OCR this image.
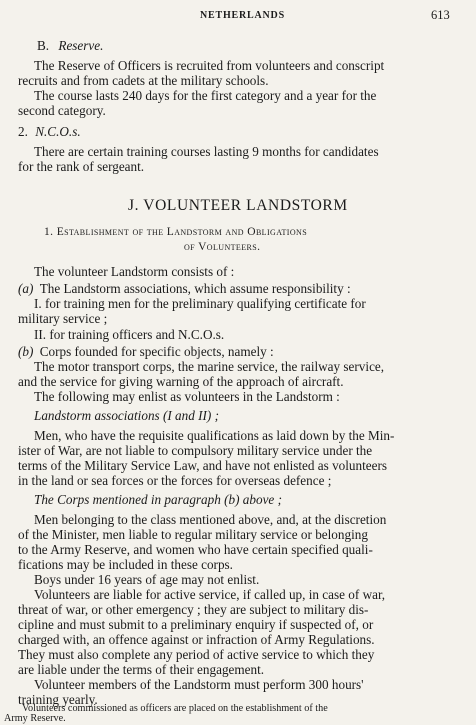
NETHERLANDS	613
B. Reserve.
The Reserve of Officers is recruited from volunteers and conscript
recruits and from cadets at the military schools.
The course lasts 240 days for the first category and a year for the
second category.
2. N.C.O.s.
There are certain training courses lasting 9 months for candidates
for the rank of sergeant.
J. VOLUNTEER LANDSTORM
1. Establishment of the Landstorm and Obligations
of Volunteers.
The volunteer Landstorm consists of :
(a) The Landstorm associations, which assume responsibility :
I. for training men for the preliminary qualifying certificate for
military service ;
II. for training officers and N.C.O.s.
(b) Corps founded for specific objects, namely :
The motor transport corps, the marine service, the railway service,
and the service for giving warning of the approach of aircraft.
The following may enlist as volunteers in the Landstorm :
Landstorm associations (I and II) ;
Men, who have the requisite qualifications as laid down by the Min-
ister of War, are not liable to compulsory military service under the
terms of the Military Service Law, and have not enlisted as volunteers
in the land or sea forces or the forces for overseas defence ;
The Corps mentioned in paragraph (b) above ;
Men belonging to the class mentioned above, and, at the discretion
of the Minister, men liable to regular military service or belonging
to the Army Reserve, and women who have certain specified quali-
fications may be included in these corps.
Boys under 16 years of age may not enlist.
Volunteers are liable for active service, if called up, in case of war,
threat of war, or other emergency ; they are subject to military dis-
cipline and must submit to a preliminary enquiry if suspected of, or
charged with, an offence against or infraction of Army Regulations.
They must also complete any period of active service to which they
are liable under the terms of their engagement.
Volunteer members of the Landstorm must perform 300 hours'
training yearly.
Volunteers commissioned as officers are placed on the establishment of the
Army Reserve.
